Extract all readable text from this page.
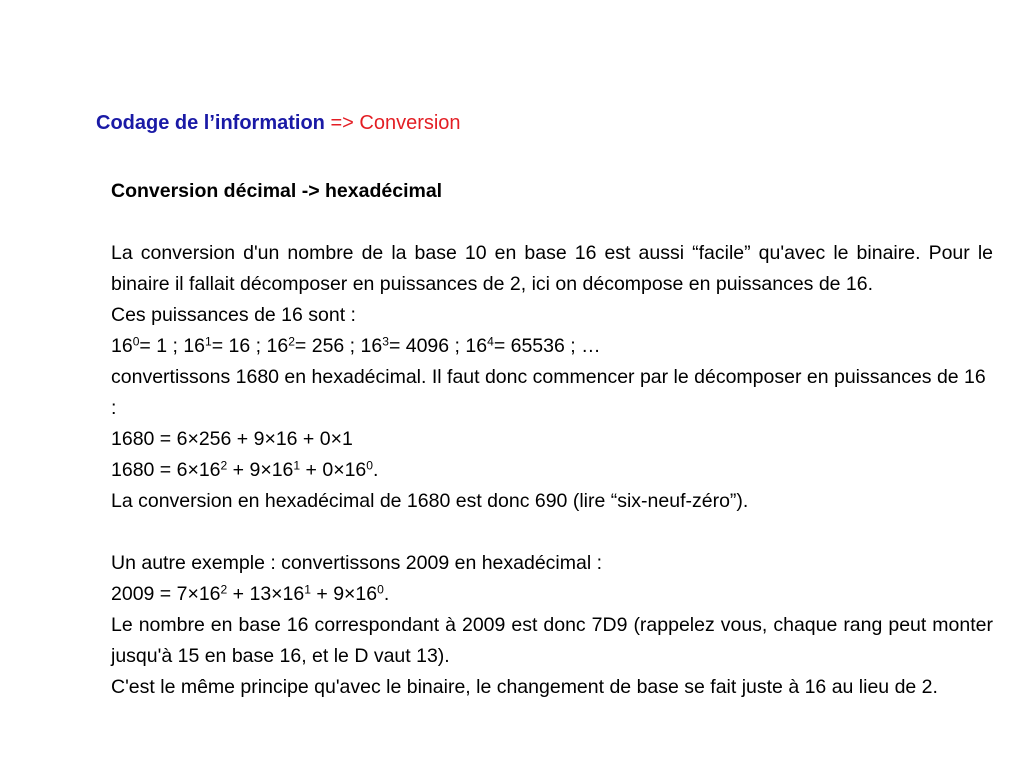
Codage de l’information => Conversion
Conversion décimal -> hexadécimal

La conversion d'un nombre de la base 10 en base 16 est aussi “facile” qu'avec le binaire. Pour le binaire il fallait décomposer en puissances de 2, ici on décompose en puissances de 16.

Ces puissances de 16 sont :

$16^0= 1$ ; $16^1= 16$ ; $16^2= 256$ ; $16^3= 4096$ ; $16^4= 65536$ ; …

convertissons 1680 en hexadécimal. Il faut donc commencer par le décomposer en puissances de 16 :

1680 = 6×256 + 9×16 + 0×1

$1680 = 6\times 16^2 + 9\times 16^1 + 0\times 16^0$.

La conversion en hexadécimal de 1680 est donc 690 (lire “six-neuf-zéro”).

Un autre exemple : convertissons 2009 en hexadécimal :

$2009 = 7\times 16^2 + 13\times 16^1 + 9\times 16^0$.

Le nombre en base 16 correspondant à 2009 est donc 7D9 (rappelez vous, chaque rang peut monter jusqu'à 15 en base 16, et le D vaut 13).

C'est le même principe qu'avec le binaire, le changement de base se fait juste à 16 au lieu de 2.
